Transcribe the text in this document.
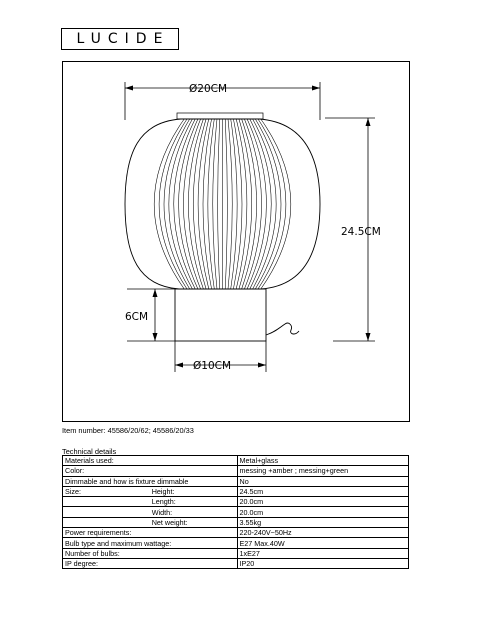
LUCIDE
Ø20CM
24.5CM
6CM
Ø10CM
Item number: 45586/20/62; 45586/20/33
Technical details
Materials used:		Metal+glass
Color:		messing +amber ; messing+green
Dimmable and how is fixture dimmable		No
Size:	Height:	24.5cm
	Length:	20.0cm
	Width:	20.0cm
	Net weight:	3.55kg
Power requirements:		220-240V~50Hz
Bulb type and maximum wattage:		E27 Max.40W
Number of bulbs:		1xE27
IP degree:		IP20
